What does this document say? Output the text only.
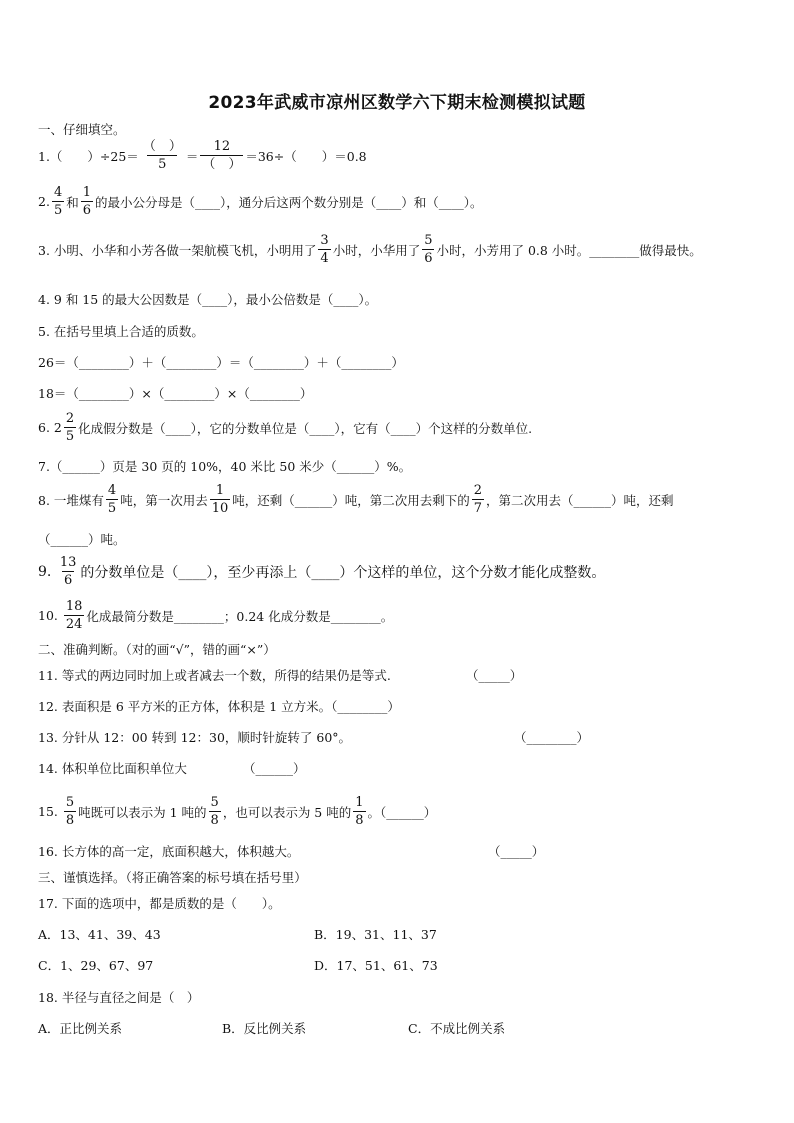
2023年武威市凉州区数学六下期末检测模拟试题
一、仔细填空。
1.（　　）$\div 25= \frac{( )}{5} = \frac{12}{( )} =36\div$（　　）＝0.8
2. $\frac{4}{5}$ 和 $\frac{1}{6}$ 的最小公分母是（____），通分后这两个数分别是（____）和（____）。
3. 小明、小华和小芳各做一架航模飞机，小明用了 $\frac{3}{4}$ 小时，小华用了 $\frac{5}{6}$ 小时，小芳用了 0.8 小时。________做得最快。
4. 9 和 15 的最大公因数是（____），最小公倍数是（____）。
5. 在括号里填上合适的质数。
26＝（________）＋（________）＝（________）＋（________）
18＝（________）×（________）×（________）
6. $2 \frac{2}{5}$ 化成假分数是（____），它的分数单位是（____），它有（____）个这样的分数单位.
7.（______）页是 30 页的 10%，40 米比 50 米少（______）%。
8. 一堆煤有 $\frac{4}{5}$ 吨，第一次用去 $\frac{1}{10}$ 吨，还剩（______）吨，第二次用去剩下的 $\frac{2}{7}$ ，第二次用去（______）吨，还剩
（______）吨。
9. $\frac{13}{6}$ 的分数单位是（____），至少再添上（____）个这样的单位，这个分数才能化成整数。
10. $\frac{18}{24}$ 化成最简分数是________；0.24 化成分数是________。
二、准确判断。（对的画“√”，错的画“×”）
11. 等式的两边同时加上或者减去一个数，所得的结果仍是等式.	（_____）
12. 表面积是 6 平方米的正方体，体积是 1 立方米。（________）
13. 分针从 12：00 转到 12：30，顺时针旋转了 60°。	（________）
14. 体积单位比面积单位大	（______）
15. $\frac{5}{8}$ 吨既可以表示为 1 吨的 $\frac{5}{8}$ ，也可以表示为 5 吨的 $\frac{1}{8}$ 。（______）
16. 长方体的高一定，底面积越大，体积越大。	（_____）
三、谨慎选择。（将正确答案的标号填在括号里）
17. 下面的选项中，都是质数的是（　　）。
A．13、41、39、43	B．19、31、11、37
C．1、29、67、97	D．17、51、61、73
18. 半径与直径之间是（　）
A．正比例关系	B．反比例关系	C．不成比例关系
